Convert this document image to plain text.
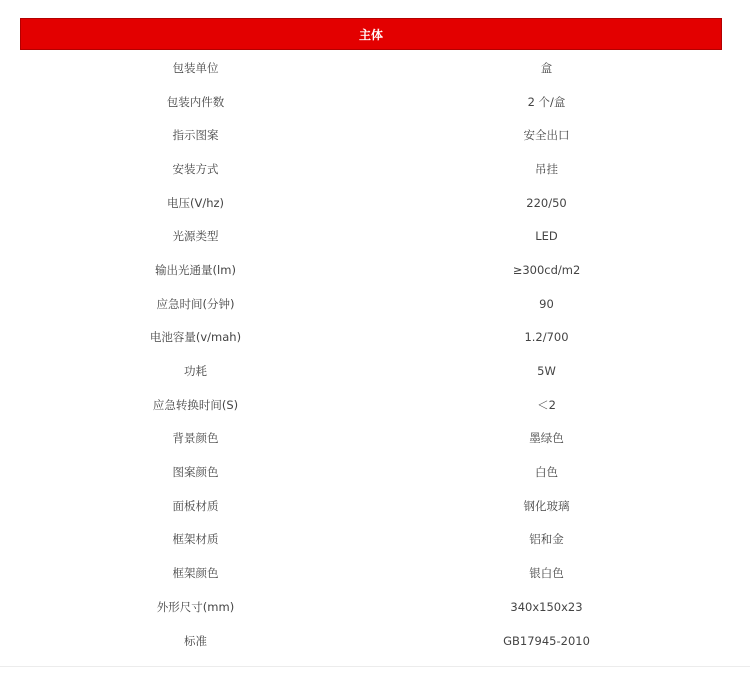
主体
包装单位	盒
包装内件数	2 个/盒
指示图案	安全出口
安装方式	吊挂
电压(V/hz)	220/50
光源类型	LED
输出光通量(lm)	≥300cd/m2
应急时间(分钟)	90
电池容量(v/mah)	1.2/700
功耗	5W
应急转换时间(S)	＜2
背景颜色	墨绿色
图案颜色	白色
面板材质	钢化玻璃
框架材质	铝和金
框架颜色	银白色
外形尺寸(mm)	340x150x23
标准	GB17945-2010
